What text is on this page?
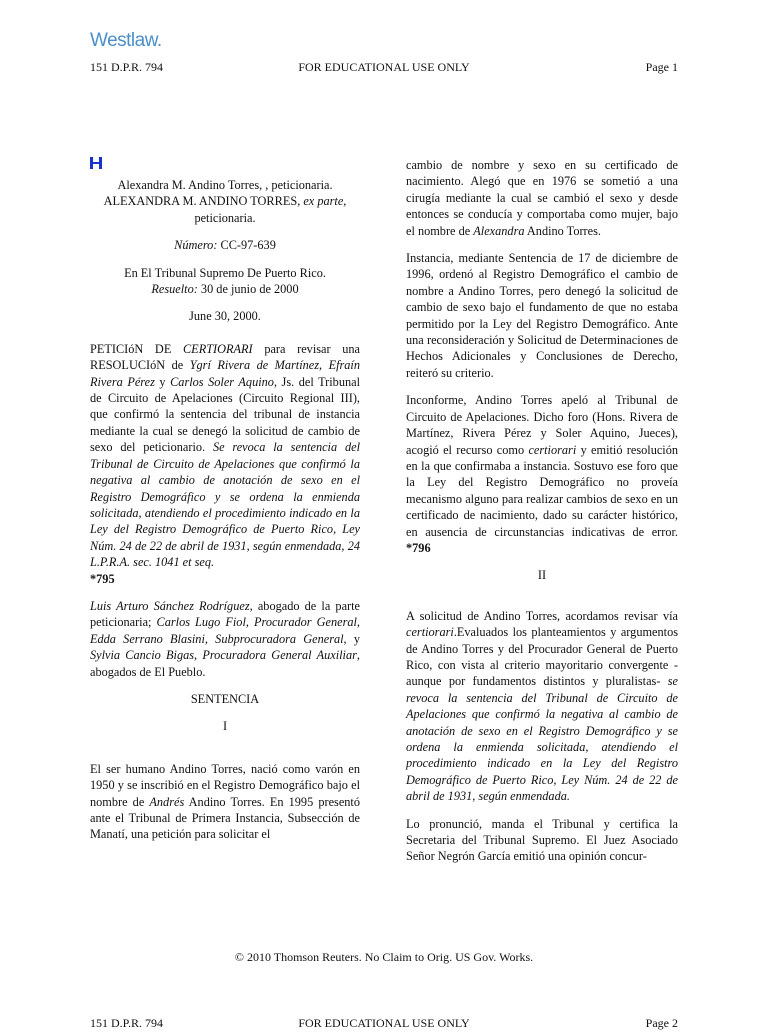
Westlaw.
FOR EDUCATIONAL USE ONLY
151 D.P.R. 794	Page 1

Alexandra M. Andino Torres, , peticionaria.

ALEXANDRA M. ANDINO TORRES, ex parte,
peticionaria.

Número: CC-97-639

En El Tribunal Supremo De Puerto Rico.
Resuelto: 30 de junio de 2000

June 30, 2000.

PETICIóN DE CERTIORARI para revisar una RESOLUCIóN de Ygrí Rivera de Martínez, Efraín Rivera Pérez y Carlos Soler Aquino, Js. del Tribunal de Circuito de Apelaciones (Circuito Regional III), que confirmó la sentencia del tribunal de instancia mediante la cual se denegó la solicitud de cambio de sexo del peticionario. Se revoca la sentencia del Tribunal de Circuito de Apelaciones que confirmó la negativa al cambio de anotación de sexo en el Registro Demográfico y se ordena la enmienda solicitada, atendiendo el procedimiento indicado en la Ley del Registro Demográfico de Puerto Rico, Ley Núm. 24 de 22 de abril de 1931, según enmendada, 24 L.P.R.A. sec. 1041 et seq.
*795

Luis Arturo Sánchez Rodríguez, abogado de la parte peticionaria; Carlos Lugo Fiol, Procurador General, Edda Serrano Blasini, Subprocuradora General, y Sylvia Cancio Bigas, Procuradora General Auxiliar, abogados de El Pueblo.

SENTENCIA

I

El ser humano Andino Torres, nació como varón en 1950 y se inscribió en el Registro Demográfico bajo el nombre de Andrés Andino Torres. En 1995 presentó ante el Tribunal de Primera Instancia, Subsección de Manatí, una petición para solicitar el

cambio de nombre y sexo en su certificado de nacimiento. Alegó que en 1976 se sometió a una cirugía mediante la cual se cambió el sexo y desde entonces se conducía y comportaba como mujer, bajo el nombre de Alexandra Andino Torres.

Instancia, mediante Sentencia de 17 de diciembre de 1996, ordenó al Registro Demográfico el cambio de nombre a Andino Torres, pero denegó la solicitud de cambio de sexo bajo el fundamento de que no estaba permitido por la Ley del Registro Demográfico. Ante una reconsideración y Solicitud de Determinaciones de Hechos Adicionales y Conclusiones de Derecho, reiteró su criterio.

Inconforme, Andino Torres apeló al Tribunal de Circuito de Apelaciones. Dicho foro (Hons. Rivera de Martínez, Rivera Pérez y Soler Aquino, Jueces), acogió el recurso como certiorari y emitió resolución en la que confirmaba a instancia. Sostuvo ese foro que la Ley del Registro Demográfico no proveía mecanismo alguno para realizar cambios de sexo en un certificado de nacimiento, dado su carácter histórico, en ausencia de circunstancias indicativas de error. *796

II

A solicitud de Andino Torres, acordamos revisar vía certiorari.Evaluados los planteamientos y argumentos de Andino Torres y del Procurador General de Puerto Rico, con vista al criterio mayoritario convergente -aunque por fundamentos distintos y pluralistas- se revoca la sentencia del Tribunal de Circuito de Apelaciones que confirmó la negativa al cambio de anotación de sexo en el Registro Demográfico y se ordena la enmienda solicitada, atendiendo el procedimiento indicado en la Ley del Registro Demográfico de Puerto Rico, Ley Núm. 24 de 22 de abril de 1931, según enmendada.

Lo pronunció, manda el Tribunal y certifica la Secretaria del Tribunal Supremo. El Juez Asociado Señor Negrón García emitió una opinión concur-

© 2010 Thomson Reuters. No Claim to Orig. US Gov. Works.
FOR EDUCATIONAL USE ONLY
151 D.P.R. 794	Page 2
